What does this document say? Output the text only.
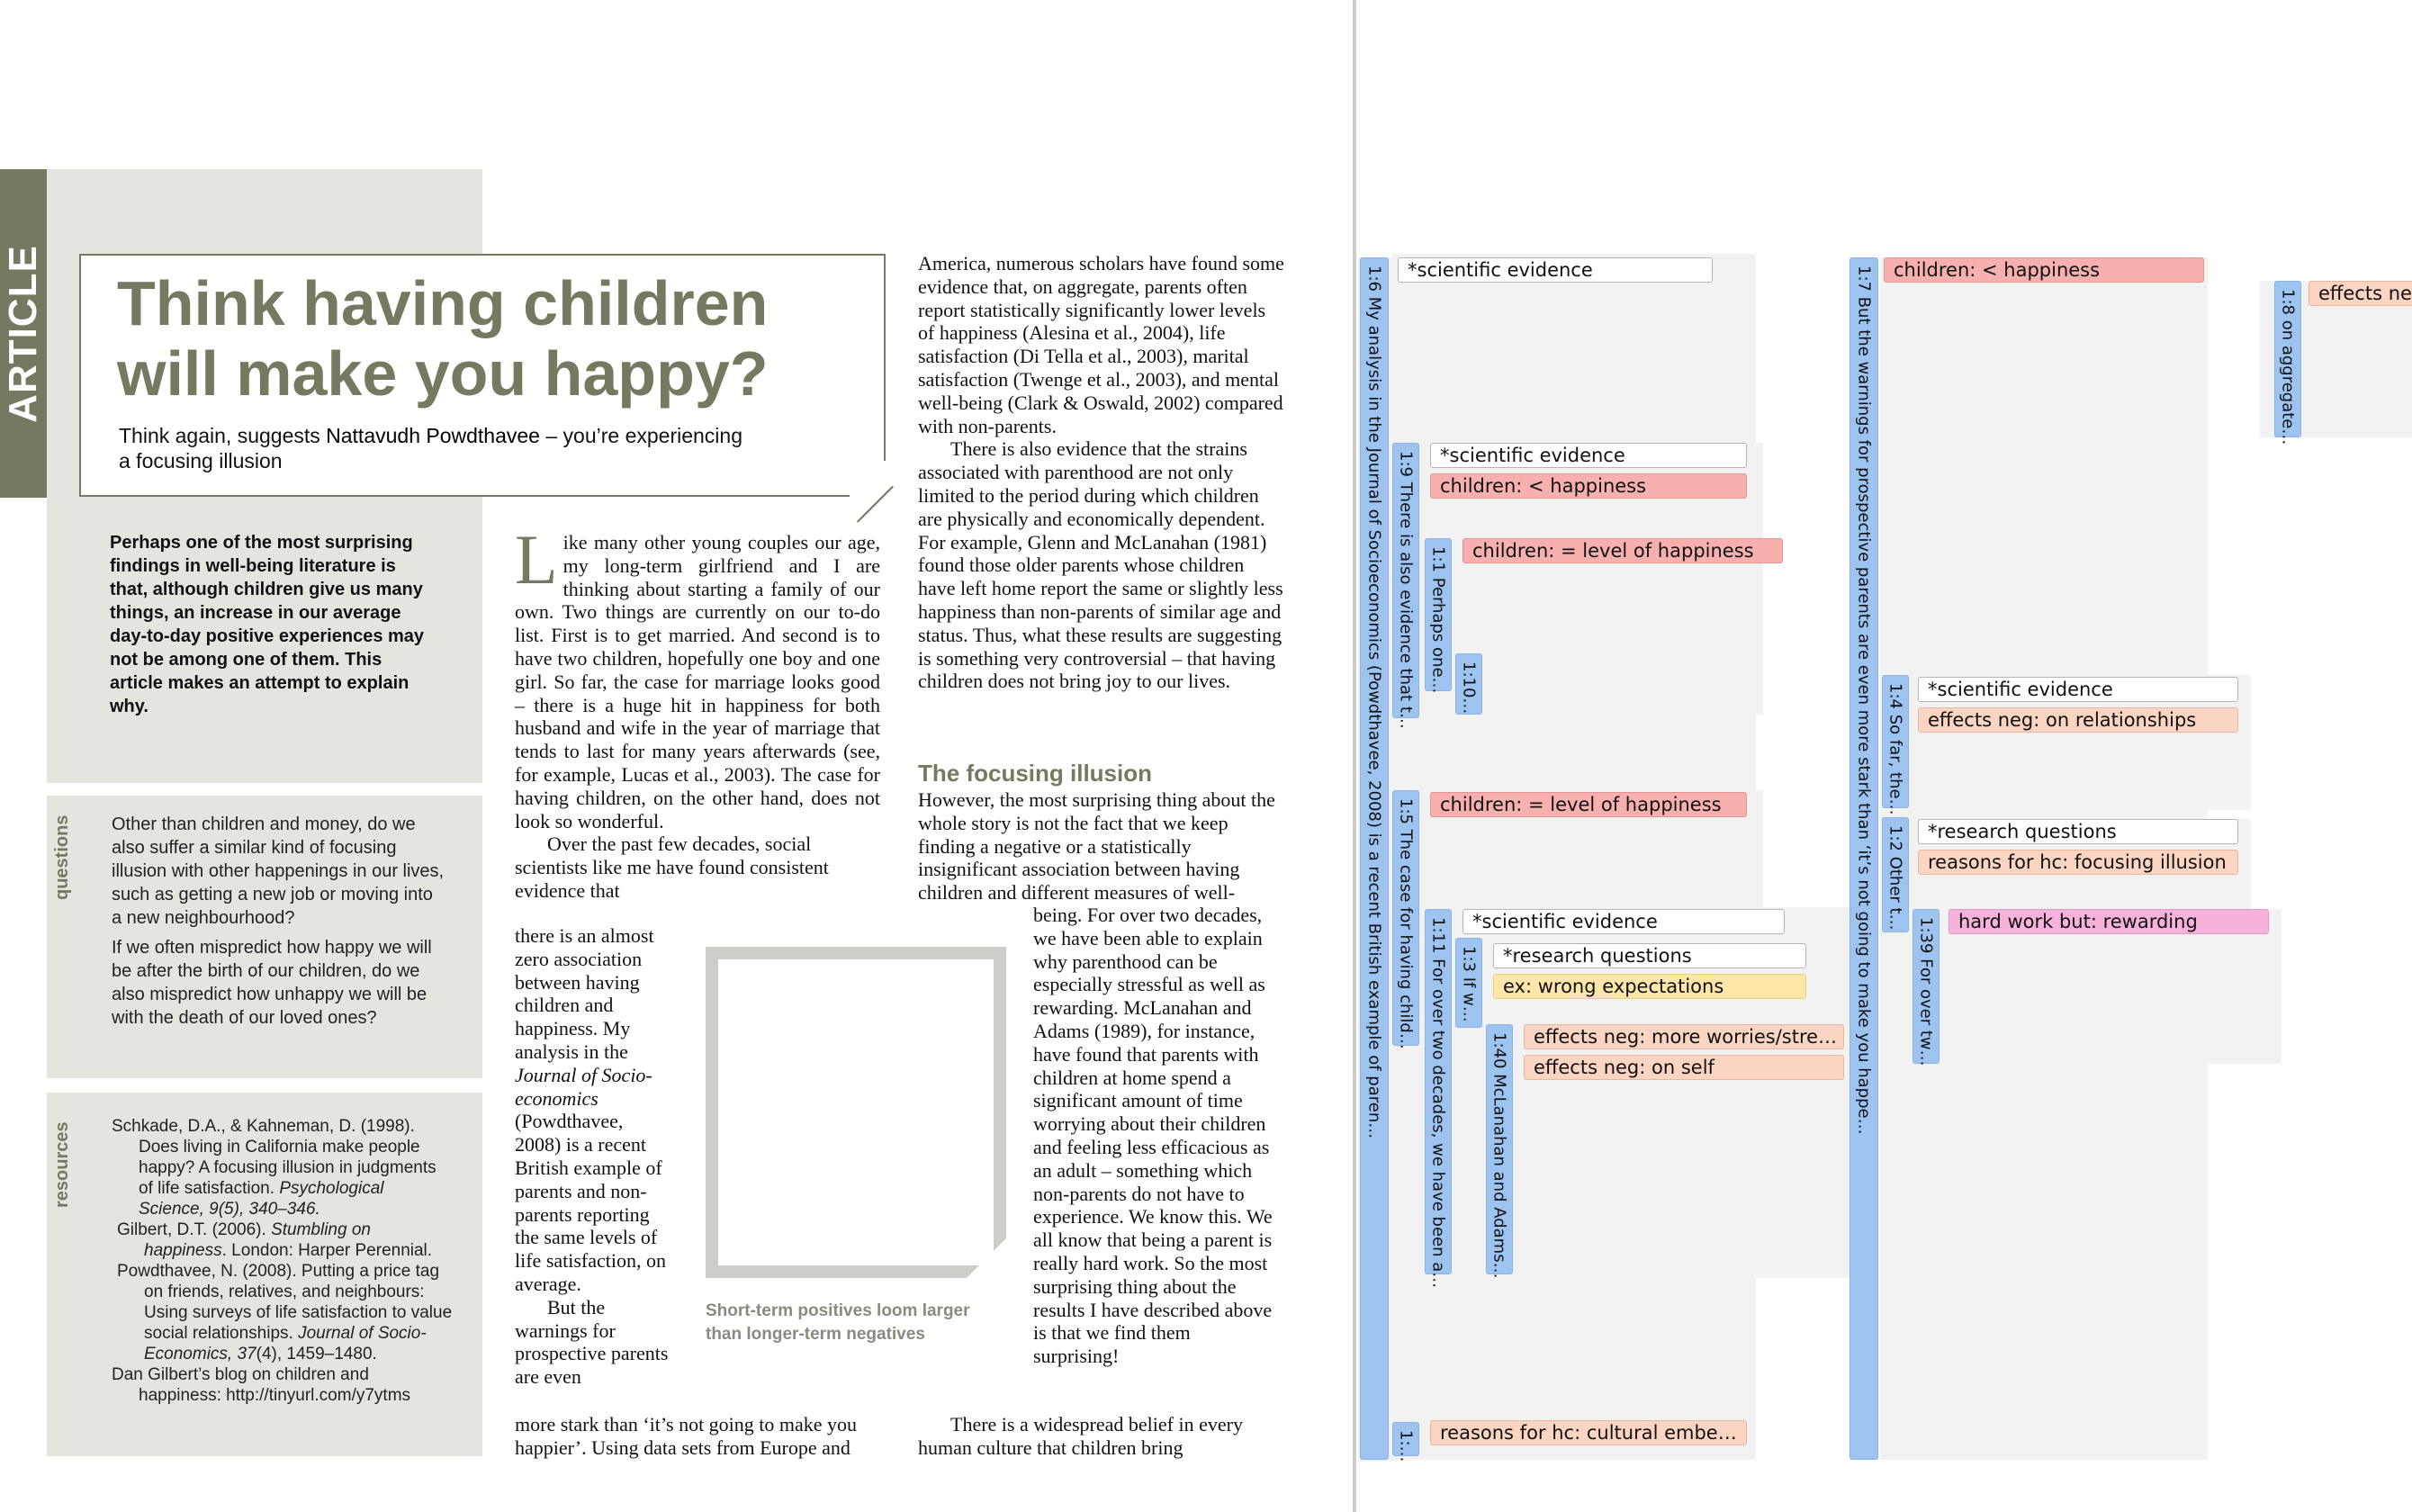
ARTICLE Think having children
will make you happy?
Think again, suggests Nattavudh Powdthavee – you’re experiencing a focusing illusion
Perhaps one of the most surprising findings in well-being literature is that, although children give us many things, an increase in our average day-to-day positive experiences may not be among one of them. This article makes an attempt to explain why.
questions Other than children and money, do we also suffer a similar kind of focusing illusion with other happenings in our lives, such as getting a new job or moving into a new neighbourhood?
If we often mispredict how happy we will be after the birth of our children, do we also mispredict how unhappy we will be with the death of our loved ones?
resources Schkade, D.A., & Kahneman, D. (1998). Does living in California make people happy? A focusing illusion in judgments of life satisfaction. Psychological Science, 9(5), 340–346.
Gilbert, D.T. (2006). Stumbling on happiness. London: Harper Perennial.
Powdthavee, N. (2008). Putting a price tag on friends, relatives, and neighbours: Using surveys of life satisfaction to value social relationships. Journal of Socio-Economics, 37(4), 1459–1480.
Dan Gilbert’s blog on children and happiness: http://tinyurl.com/y7ytms
Like many other young couples our age, my long-term girlfriend and I are thinking about starting a family of our own. Two things are currently on our to-do list. First is to get married. And second is to have two children, hopefully one boy and one girl. So far, the case for marriage looks good – there is a huge hit in happiness for both husband and wife in the year of marriage that tends to last for many years afterwards (see, for example, Lucas et al., 2003). The case for having children, on the other hand, does not look so wonderful.
Over the past few decades, social scientists like me have found consistent evidence that
there is an almost zero association between having children and happiness. My analysis in the Journal of Socio-economics (Powdthavee, 2008) is a recent British example of parents and non-parents reporting the same levels of life satisfaction, on average.
But the warnings for prospective parents are even
more stark than ‘it’s not going to make you happier’. Using data sets from Europe and
Short-term positives loom larger than longer-term negatives
America, numerous scholars have found some evidence that, on aggregate, parents often report statistically significantly lower levels of happiness (Alesina et al., 2004), life satisfaction (Di Tella et al., 2003), marital satisfaction (Twenge et al., 2003), and mental well-being (Clark & Oswald, 2002) compared with non-parents.
There is also evidence that the strains associated with parenthood are not only limited to the period during which children are physically and economically dependent. For example, Glenn and McLanahan (1981) found those older parents whose children have left home report the same or slightly less happiness than non-parents of similar age and status. Thus, what these results are suggesting is something very controversial – that having children does not bring joy to our lives.
The focusing illusion
However, the most surprising thing about the whole story is not the fact that we keep finding a negative or a statistically insignificant association between having children and different measures of well-
being. For over two decades, we have been able to explain why parenthood can be especially stressful as well as rewarding. McLanahan and Adams (1989), for instance, have found that parents with children at home spend a significant amount of time worrying about their children and feeling less efficacious as an adult – something which non-parents do not have to experience. We know this. We all know that being a parent is really hard work. So the most surprising thing about the results I have described above is that we find them surprising!
There is a widespread belief in every human culture that children bring
1:6 My analysis in the Journal of Socioeconomics (Powdthavee, 2008) is a recent British example of paren… 1:9 There is also evidence that t… 1:1 Perhaps one… 1:10…
1:5 The case for having child… 1:11 For over two decades, we have been a… 1:3 If w…
1:40 McLanahan and Adams…
1:…
1:7 But the warnings for prospective parents are even more stark than ‘it’s not going to make you happe… 1:4 So far, the…
1:2 Other t…
1:39 For over tw…
1:8 on aggregate…
*scientific evidence
*scientific evidence
children: < happiness
children: = level of happiness
children: = level of happiness
*scientific evidence
*research questions
ex: wrong expectations
effects neg: more worries/stre…
effects neg: on self
reasons for hc: cultural embe…
children: < happiness
*scientific evidence
effects neg: on relationships
*research questions
reasons for hc: focusing illusion
hard work but: rewarding
effects ne
